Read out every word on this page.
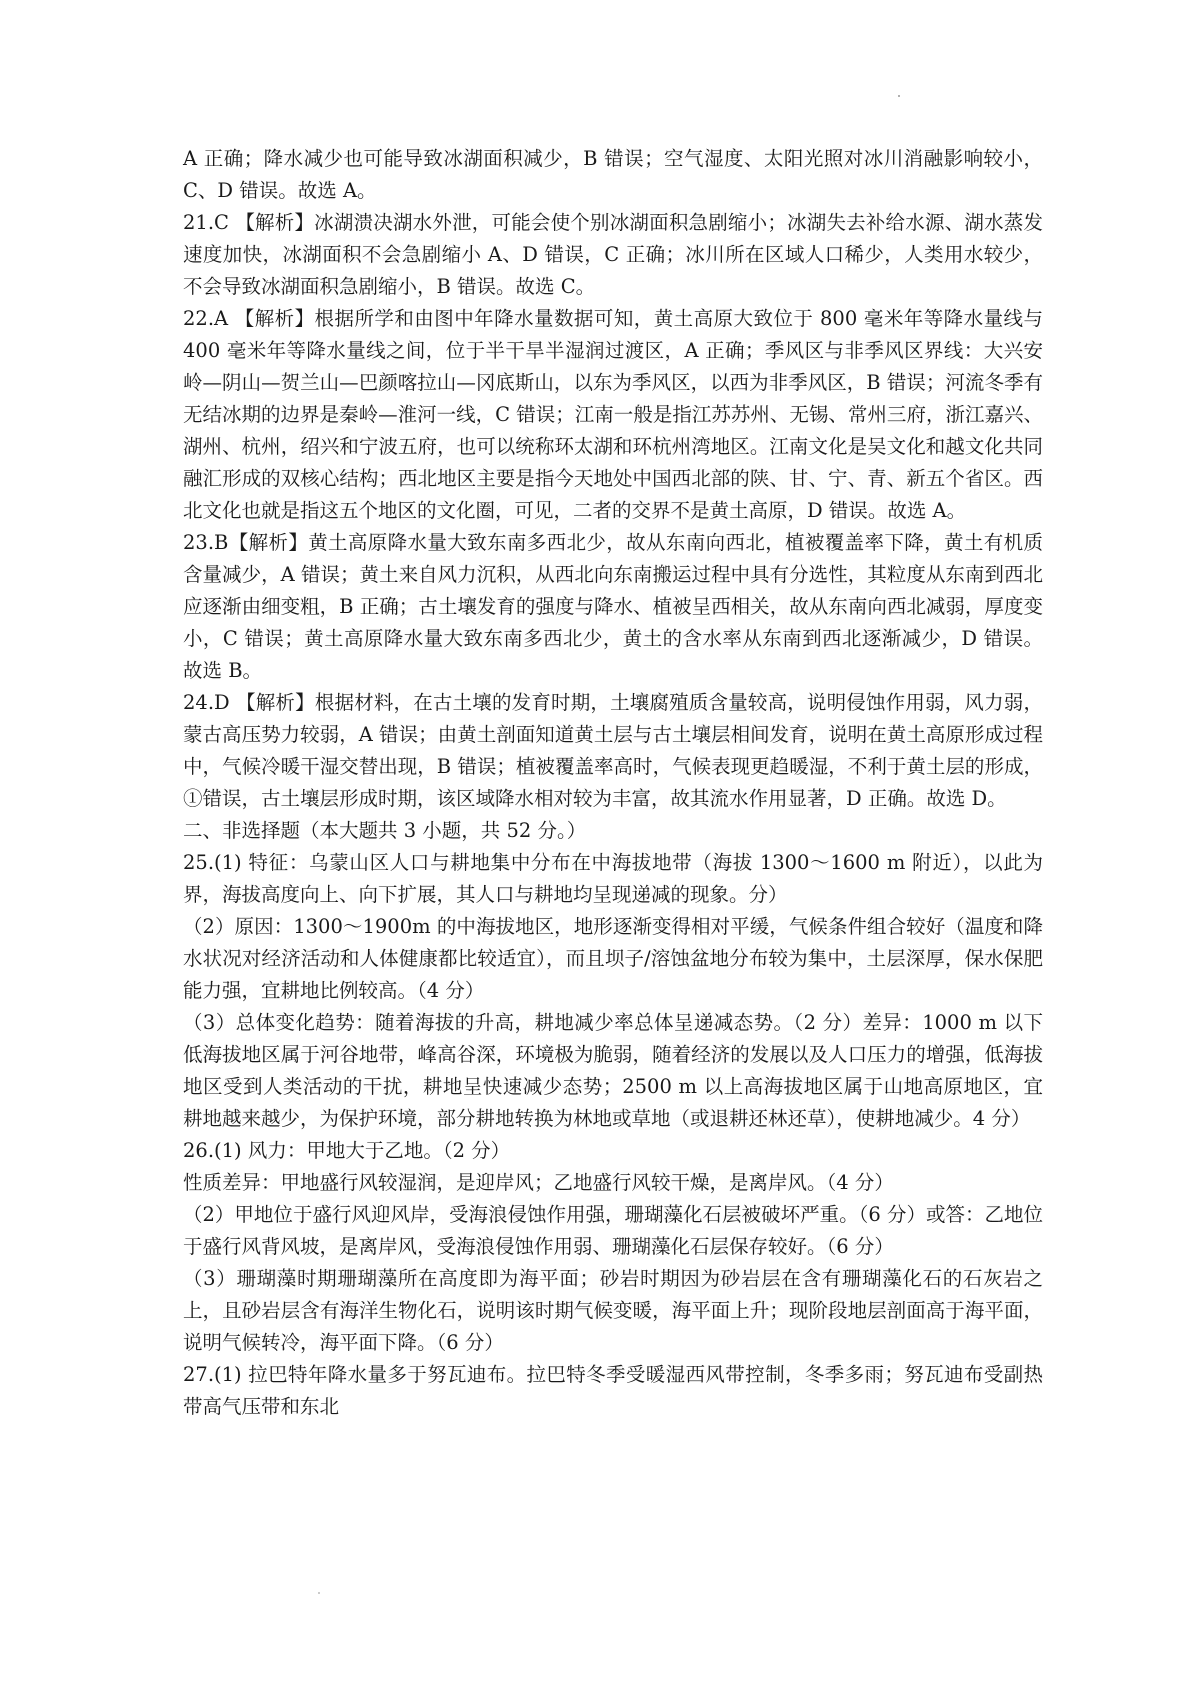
A 正确；降水减少也可能导致冰湖面积减少，B 错误；空气湿度、太阳光照对冰川消融影响较小，C、D 错误。故选 A。

21.C 【解析】冰湖溃决湖水外泄，可能会使个别冰湖面积急剧缩小；冰湖失去补给水源、湖水蒸发速度加快，冰湖面积不会急剧缩小 A、D 错误，C 正确；冰川所在区域人口稀少，人类用水较少，不会导致冰湖面积急剧缩小，B 错误。故选 C。

22.A 【解析】根据所学和由图中年降水量数据可知，黄土高原大致位于 800 毫米年等降水量线与 400 毫米年等降水量线之间，位于半干旱半湿润过渡区，A 正确；季风区与非季风区界线：大兴安岭—阴山—贺兰山—巴颜喀拉山—冈底斯山，以东为季风区，以西为非季风区，B 错误；河流冬季有无结冰期的边界是秦岭—淮河一线，C 错误；江南一般是指江苏苏州、无锡、常州三府，浙江嘉兴、湖州、杭州，绍兴和宁波五府，也可以统称环太湖和环杭州湾地区。江南文化是吴文化和越文化共同融汇形成的双核心结构；西北地区主要是指今天地处中国西北部的陕、甘、宁、青、新五个省区。西北文化也就是指这五个地区的文化圈，可见，二者的交界不是黄土高原，D 错误。故选 A。

23.B【解析】黄土高原降水量大致东南多西北少，故从东南向西北，植被覆盖率下降，黄土有机质含量减少，A 错误；黄土来自风力沉积，从西北向东南搬运过程中具有分选性，其粒度从东南到西北应逐渐由细变粗，B 正确；古土壤发育的强度与降水、植被呈西相关，故从东南向西北减弱，厚度变小，C 错误；黄土高原降水量大致东南多西北少，黄土的含水率从东南到西北逐渐减少，D 错误。故选 B。

24.D 【解析】根据材料，在古土壤的发育时期，土壤腐殖质含量较高，说明侵蚀作用弱，风力弱，蒙古高压势力较弱，A 错误；由黄土剖面知道黄土层与古土壤层相间发育，说明在黄土高原形成过程中，气候冷暖干湿交替出现，B 错误；植被覆盖率高时，气候表现更趋暖湿，不利于黄土层的形成，①错误，古土壤层形成时期，该区域降水相对较为丰富，故其流水作用显著，D 正确。故选 D。

二、非选择题（本大题共 3 小题，共 52 分。）

25.(1) 特征：乌蒙山区人口与耕地集中分布在中海拔地带（海拔 1300～1600 m 附近），以此为界，海拔高度向上、向下扩展，其人口与耕地均呈现递减的现象。分）

（2）原因：1300～1900m 的中海拔地区，地形逐渐变得相对平缓，气候条件组合较好（温度和降水状况对经济活动和人体健康都比较适宜），而且坝子/溶蚀盆地分布较为集中，土层深厚，保水保肥能力强，宜耕地比例较高。（4 分）

（3）总体变化趋势：随着海拔的升高，耕地减少率总体呈递减态势。（2 分）差异：1000 m 以下低海拔地区属于河谷地带，峰高谷深，环境极为脆弱，随着经济的发展以及人口压力的增强，低海拔地区受到人类活动的干扰，耕地呈快速减少态势；2500 m 以上高海拔地区属于山地高原地区，宜耕地越来越少，为保护环境，部分耕地转换为林地或草地（或退耕还林还草），使耕地减少。4 分）

26.(1) 风力：甲地大于乙地。（2 分）

性质差异：甲地盛行风较湿润，是迎岸风；乙地盛行风较干燥，是离岸风。（4 分）

（2）甲地位于盛行风迎风岸，受海浪侵蚀作用强，珊瑚藻化石层被破坏严重。（6 分）或答：乙地位于盛行风背风坡，是离岸风，受海浪侵蚀作用弱、珊瑚藻化石层保存较好。（6 分）

（3）珊瑚藻时期珊瑚藻所在高度即为海平面；砂岩时期因为砂岩层在含有珊瑚藻化石的石灰岩之上，且砂岩层含有海洋生物化石，说明该时期气候变暖，海平面上升；现阶段地层剖面高于海平面，说明气候转冷，海平面下降。（6 分）

27.(1) 拉巴特年降水量多于努瓦迪布。拉巴特冬季受暖湿西风带控制，冬季多雨；努瓦迪布受副热带高气压带和东北
